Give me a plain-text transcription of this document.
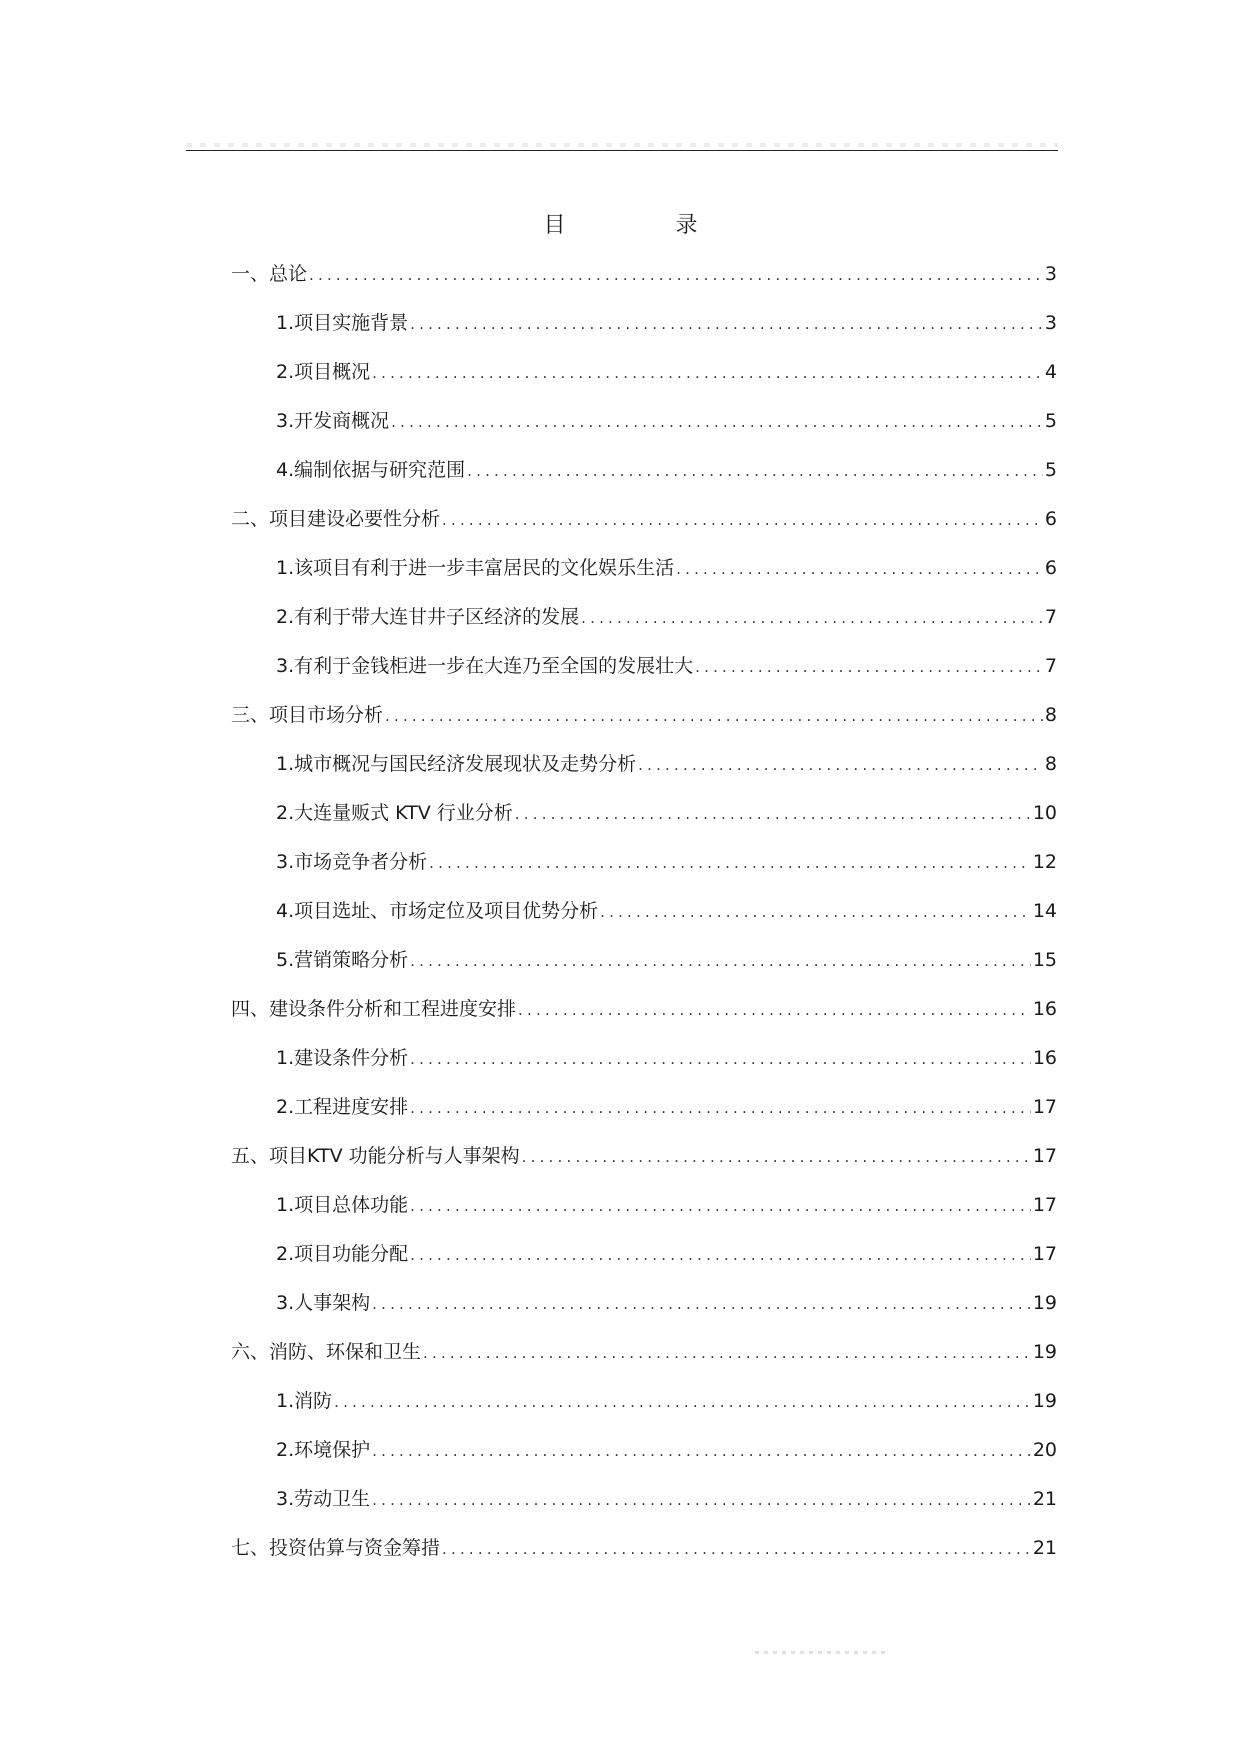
目	录
一、总论 .....	3
1.项目实施背景 .....	3
2.项目概况 .....	4
3.开发商概况 .....	5
4.编制依据与研究范围 .....	5
二、项目建设必要性分析 .....	6
1.该项目有利于进一步丰富居民的文化娱乐生活 .....	6
2.有利于带大连甘井子区经济的发展 .....	7
3.有利于金钱柜进一步在大连乃至全国的发展壮大 .....	7
三、项目市场分析 .....	8
1.城市概况与国民经济发展现状及走势分析 .....	8
2.大连量贩式 KTV 行业分析 .....	10
3.市场竞争者分析 .....	12
4.项目选址、市场定位及项目优势分析 .....	14
5.营销策略分析 .....	15
四、建设条件分析和工程进度安排 .....	16
1.建设条件分析 .....	16
2.工程进度安排 .....	17
五、项目KTV 功能分析与人事架构 .....	17
1.项目总体功能 .....	17
2.项目功能分配 .....	17
3.人事架构 .....	19
六、消防、环保和卫生 .....	19
1.消防 .....	19
2.环境保护 .....	20
3.劳动卫生 .....	21
七、投资估算与资金筹措 .....	21
